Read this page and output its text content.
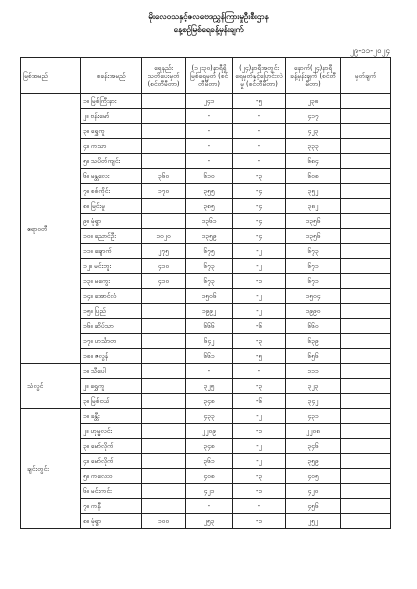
မိုးလေဝသနှင့်ဇလဗေဒညွှန်ကြားမှုဦးစီးဌာန
နေ့စဉ်မြစ်ရေခန့်မှန်းချက်
၂၉-၁၁-၂၀၂၄
မြစ်အမည်	စခန်းအမည်	ရေနည်းသတိပေးမှတ် (စင်တီမီတာ)	(၁၂း၃၀)နာရီရှိ မြစ်ရေမှတ် (စင်တီမီတာ)	(၂၄)နာရီအတွင်း ရေမှတ်နှင့်ပြောင်းလဲမှု (စင်တီမီတာ)	နောက်(၂၄)နာရီ ခန့်မှန်းချက် (စင်တီမီတာ)	မှတ်ချက်
ဧရာဝတီ	၁။ မြစ်ကြီးနား		၂၄၁	-၅	၂၃၈	
	၂။ ဗန်းမော်		-	-	၄၁၇	
	၃။ ရွှေကူ		-	-	၄၂၃	
	၄။ ကသာ		-	-	၃၃၃	
	၅။ သပိတ်ကျင်း		-	-	၆၈၄	
	၆။ မန္တလေး	၃၆၀	၆၁၀	-၃	၆၀၈	
	၇။ စစ်ကိုင်း	၁၇၀	၃၅၅	-၄	၃၅၂	
	၈။ မြင်းမူ		၃၈၅	-၄	၃၈၂	
	၉။ မုံရွာ		၁၃၆၁	-၄	၁၃၅၆	
	၁၀။ ညောင်ဦး	၁၀၂၀	၁၃၅၉	-၄	၁၃၅၆	
	၁၁။ ချောက်	၂၇၅	၆၇၅	-၂	၆၇၃	
	၁၂။ မင်းဘူး	၄၁၀	၆၇၃	-၂	၆၇၁	
	၁၃။ မကွေး	၄၁၀	၆၇၃	-၁	၆၇၁	
	၁၄။ အောင်လံ		၁၅၀၆	-၂	၁၅၀၄	
	၁၅။ ပြည်		၁၉၉၂	-၂	၁၉၉၀	
	၁၆။ ဆိပ်သာ		၆၆၆	-၆	၆၆၀	
	၁၇။ ဟင်္သာတ		၆၄၂	-၃	၆၃၉	
	၁၈။ ဇလွန်		၆၆၁	-၅	၆၅၆	
သံလွင်	၁။ သီပေါ		-	-	၁၁၁	
	၂။ ရွှေကူ		၃၂၅	-၃	၃၂၃	
	၃။ မြစ်ငယ်		၃၄၈	-၆	၃၄၂	
ချင်းတွင်း	၁။ ခန္တီး		၄၃၃	-၂	၄၃၁	
	၂။ ဟုမ္မလင်း		၂၂၀၉	-၁	၂၂၀၈	
	၃။ မော်လိုက်		၃၄၈	-၂	၃၄၆	
	၄။ မော်လိုက်		၃၆၁	-၂	၃၅၉	
	၅။ ကလေးဝ		၄၀၈	-၃	၄၀၅	
	၆။ မင်းကင်း		၄၂၁	-၁	၄၂၀	
	၇။ ကနီ		-	-	၄၅၆	
	၈။ မုံရွာ	၁၀၀	၂၅၃	-၁	၂၅၂	
